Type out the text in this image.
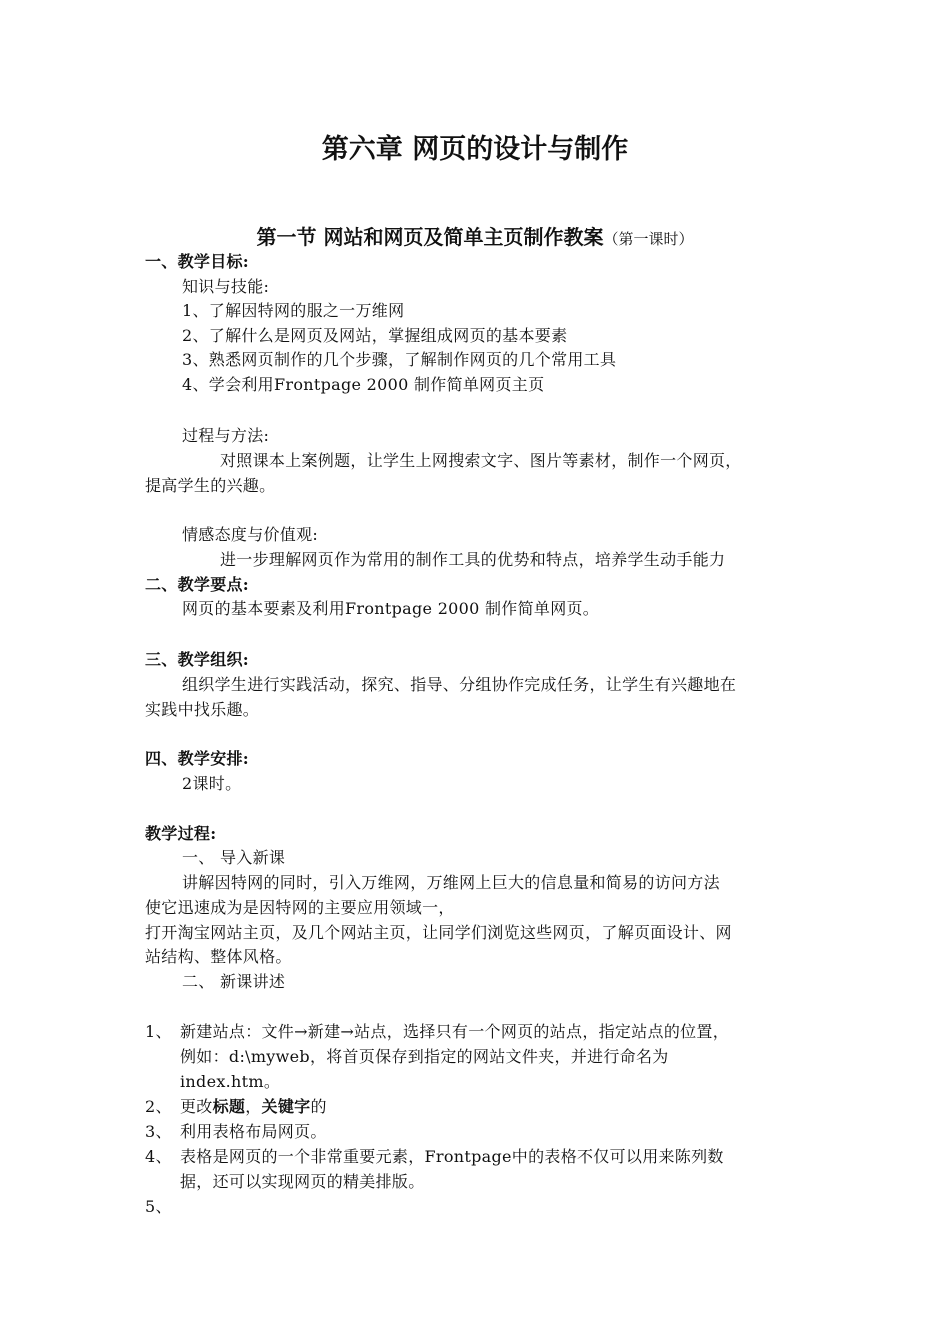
第六章 网页的设计与制作
第一节 网站和网页及简单主页制作教案（第一课时）
一、教学目标:
知识与技能:
1、了解因特网的服之一万维网
2、了解什么是网页及网站，掌握组成网页的基本要素
3、熟悉网页制作的几个步骤，了解制作网页的几个常用工具
4、学会利用Frontpage 2000 制作简单网页主页
过程与方法:
对照课本上案例题，让学生上网搜索文字、图片等素材，制作一个网页，
提高学生的兴趣。
情感态度与价值观:
进一步理解网页作为常用的制作工具的优势和特点，培养学生动手能力
二、教学要点:
网页的基本要素及利用Frontpage 2000 制作简单网页。
三、教学组织:
组织学生进行实践活动，探究、指导、分组协作完成任务，让学生有兴趣地在
实践中找乐趣。
四、教学安排:
2课时。
教学过程:
一、 导入新课
讲解因特网的同时，引入万维网，万维网上巨大的信息量和简易的访问方法
使它迅速成为是因特网的主要应用领域一，
打开淘宝网站主页，及几个网站主页，让同学们浏览这些网页，了解页面设计、网
站结构、整体风格。
二、 新课讲述
1、 新建站点：文件→新建→站点，选择只有一个网页的站点，指定站点的位置，
例如：d:\myweb，将首页保存到指定的网站文件夹，并进行命名为
index.htm。
2、 更改标题，关键字的
3、 利用表格布局网页。
4、 表格是网页的一个非常重要元素，Frontpage中的表格不仅可以用来陈列数
据，还可以实现网页的精美排版。
5、
